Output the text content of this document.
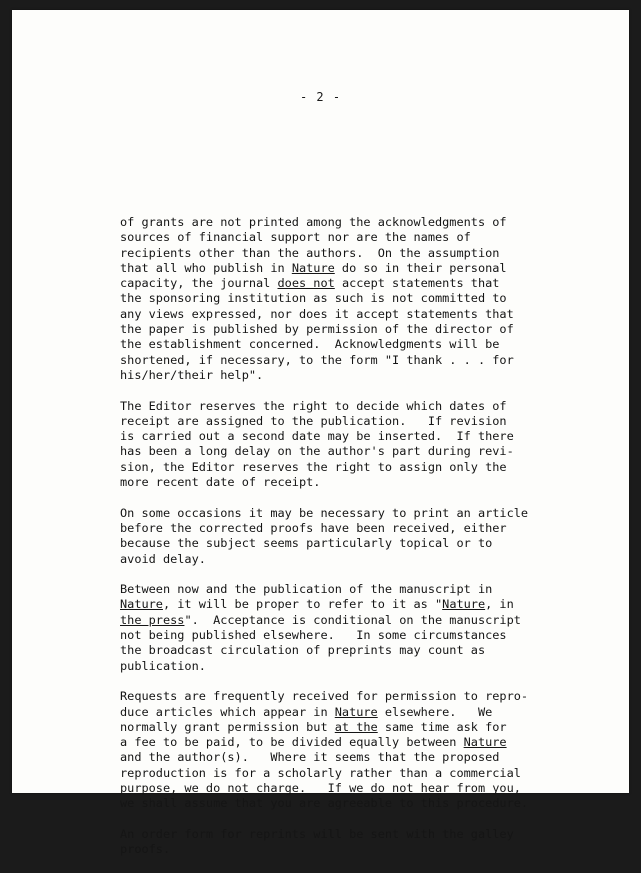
- 2 -
of grants are not printed among the acknowledgments of
sources of financial support nor are the names of
recipients other than the authors.  On the assumption
that all who publish in Nature do so in their personal
capacity, the journal does not accept statements that
the sponsoring institution as such is not committed to
any views expressed, nor does it accept statements that
the paper is published by permission of the director of
the establishment concerned.  Acknowledgments will be
shortened, if necessary, to the form "I thank . . . for
his/her/their help".
The Editor reserves the right to decide which dates of
receipt are assigned to the publication.   If revision
is carried out a second date may be inserted.  If there
has been a long delay on the author's part during revi-
sion, the Editor reserves the right to assign only the
more recent date of receipt.
On some occasions it may be necessary to print an article
before the corrected proofs have been received, either
because the subject seems particularly topical or to
avoid delay.
Between now and the publication of the manuscript in
Nature, it will be proper to refer to it as "Nature, in
the press".  Acceptance is conditional on the manuscript
not being published elsewhere.   In some circumstances
the broadcast circulation of preprints may count as
publication.
Requests are frequently received for permission to repro-
duce articles which appear in Nature elsewhere.   We
normally grant permission but at the same time ask for
a fee to be paid, to be divided equally between Nature
and the author(s).   Where it seems that the proposed
reproduction is for a scholarly rather than a commercial
purpose, we do not charge.   If we do not hear from you,
we shall assume that you are agreeable to this procedure.
An order form for reprints will be sent with the galley
proofs.
